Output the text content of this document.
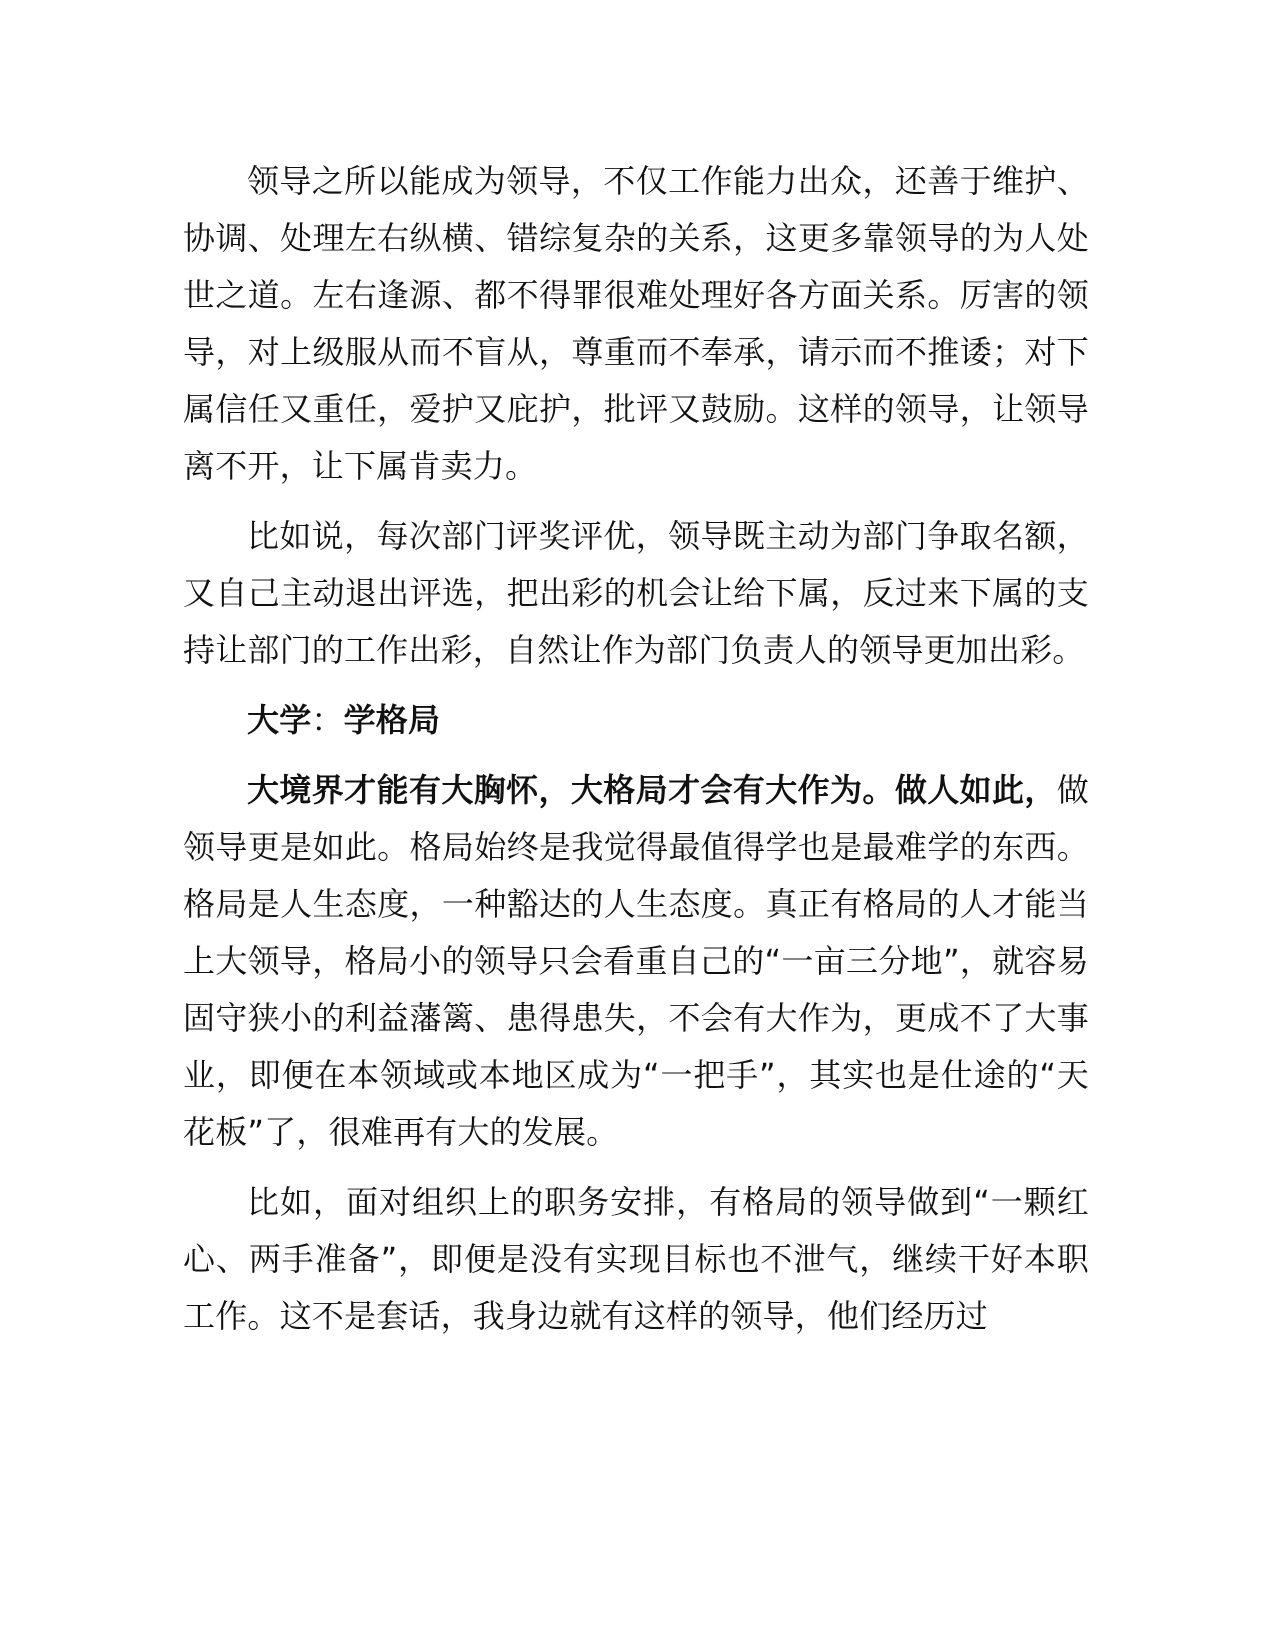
领导之所以能成为领导，不仅工作能力出众，还善于维护、协调、处理左右纵横、错综复杂的关系，这更多靠领导的为人处世之道。左右逢源、都不得罪很难处理好各方面关系。厉害的领导，对上级服从而不盲从，尊重而不奉承，请示而不推诿；对下属信任又重任，爱护又庇护，批评又鼓励。这样的领导，让领导离不开，让下属肯卖力。

比如说，每次部门评奖评优，领导既主动为部门争取名额，又自己主动退出评选，把出彩的机会让给下属，反过来下属的支持让部门的工作出彩，自然让作为部门负责人的领导更加出彩。

大学：学格局

大境界才能有大胸怀，大格局才会有大作为。做人如此，做领导更是如此。格局始终是我觉得最值得学也是最难学的东西。格局是人生态度，一种豁达的人生态度。真正有格局的人才能当上大领导，格局小的领导只会看重自己的“一亩三分地”，就容易固守狭小的利益藩篱、患得患失，不会有大作为，更成不了大事业，即便在本领域或本地区成为“一把手”，其实也是仕途的“天花板”了，很难再有大的发展。

比如，面对组织上的职务安排，有格局的领导做到“一颗红心、两手准备”，即便是没有实现目标也不泄气，继续干好本职工作。这不是套话，我身边就有这样的领导，他们经历过
